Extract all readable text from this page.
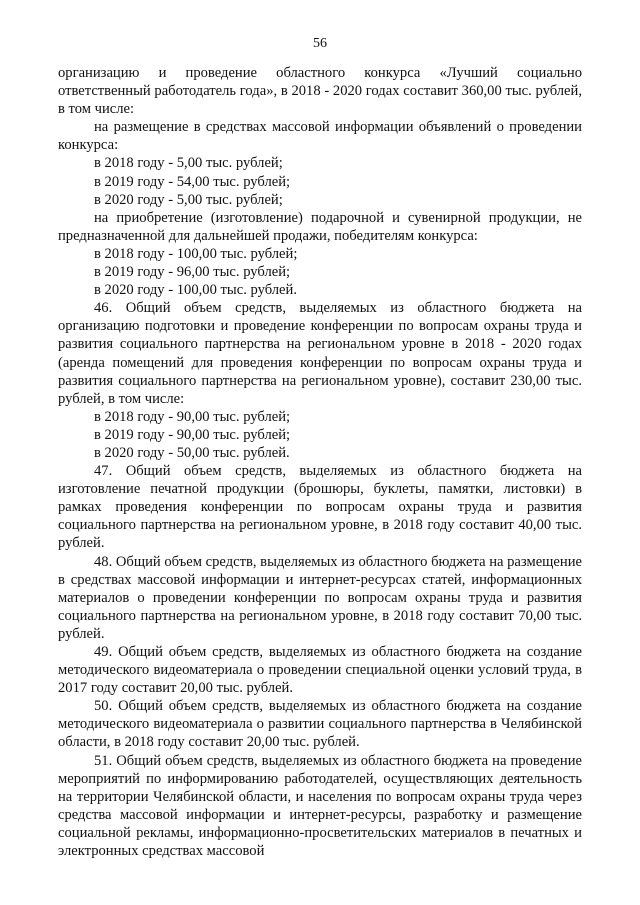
56

организацию и проведение областного конкурса «Лучший социально ответственный работодатель года», в 2018 - 2020 годах составит 360,00 тыс. рублей, в том числе:

на размещение в средствах массовой информации объявлений о проведении конкурса:

в 2018 году - 5,00 тыс. рублей;

в 2019 году - 54,00 тыс. рублей;

в 2020 году - 5,00 тыс. рублей;

на приобретение (изготовление) подарочной и сувенирной продукции, не предназначенной для дальнейшей продажи, победителям конкурса:

в 2018 году - 100,00 тыс. рублей;

в 2019 году - 96,00 тыс. рублей;

в 2020 году - 100,00 тыс. рублей.

46. Общий объем средств, выделяемых из областного бюджета на организацию подготовки и проведение конференции по вопросам охраны труда и развития социального партнерства на региональном уровне в 2018 - 2020 годах (аренда помещений для проведения конференции по вопросам охраны труда и развития социального партнерства на региональном уровне), составит 230,00 тыс. рублей, в том числе:

в 2018 году - 90,00 тыс. рублей;

в 2019 году - 90,00 тыс. рублей;

в 2020 году - 50,00 тыс. рублей.

47. Общий объем средств, выделяемых из областного бюджета на изготовление печатной продукции (брошюры, буклеты, памятки, листовки) в рамках проведения конференции по вопросам охраны труда и развития социального партнерства на региональном уровне, в 2018 году составит 40,00 тыс. рублей.

48. Общий объем средств, выделяемых из областного бюджета на размещение в средствах массовой информации и интернет-ресурсах статей, информационных материалов о проведении конференции по вопросам охраны труда и развития социального партнерства на региональном уровне, в 2018 году составит 70,00 тыс. рублей.

49. Общий объем средств, выделяемых из областного бюджета на создание методического видеоматериала о проведении специальной оценки условий труда, в 2017 году составит 20,00 тыс. рублей.

50. Общий объем средств, выделяемых из областного бюджета на создание методического видеоматериала о развитии социального партнерства в Челябинской области, в 2018 году составит 20,00 тыс. рублей.

51. Общий объем средств, выделяемых из областного бюджета на проведение мероприятий по информированию работодателей, осуществляющих деятельность на территории Челябинской области, и населения по вопросам охраны труда через средства массовой информации и интернет-ресурсы, разработку и размещение социальной рекламы, информационно-просветительских материалов в печатных и электронных средствах массовой
